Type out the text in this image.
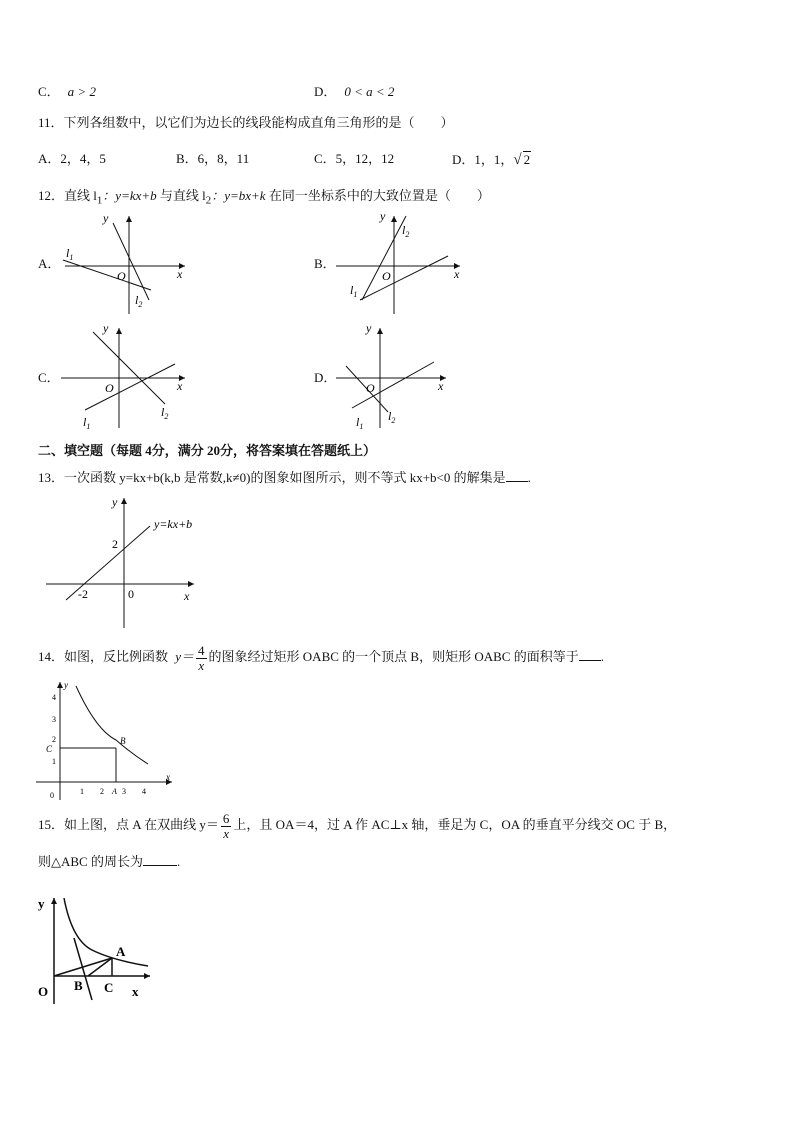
C． a > 2	D． 0 < a < 2
11．下列各组数中，以它们为边长的线段能构成直角三角形的是（　　）
A．2，4，5	B．6，8，11	C．5，12，12	D．1，1，√ 2
12．直线 $l_1$：y=kx+b 与直线 $l_2$：y=bx+k 在同一坐标系中的大致位置是（　　）
A．	B．
C．	D．
y
x
O
$l_1$
$l_2$
y
x
O
$l_1$
$l_2$
y
x
O
$l_1$
$l_2$
y
x
O
$l_1$
$l_2$
二、填空题（每题 4分，满分 20分，将答案填在答题纸上）
13．一次函数 y=kx+b(k,b 是常数,k≠0)的图象如图所示，则不等式 kx+b<0 的解集是 .
y
x
2
-2	0
y=kx+b
14．如图，反比例函数 $y= \frac{4}{x}$ 的图象经过矩形 OABC 的一个顶点 B，则矩形 OABC 的面积等于 .
y
x
4
3
2
1
C
B
1 2 A 3 4
0
15．如上图，点 A 在双曲线 $y= \frac{6}{x}$ 上，且 OA＝4，过 A 作 AC⊥x 轴，垂足为 C，OA 的垂直平分线交 OC 于 B，
则△ABC 的周长为	.
y
x
O
A
B C
